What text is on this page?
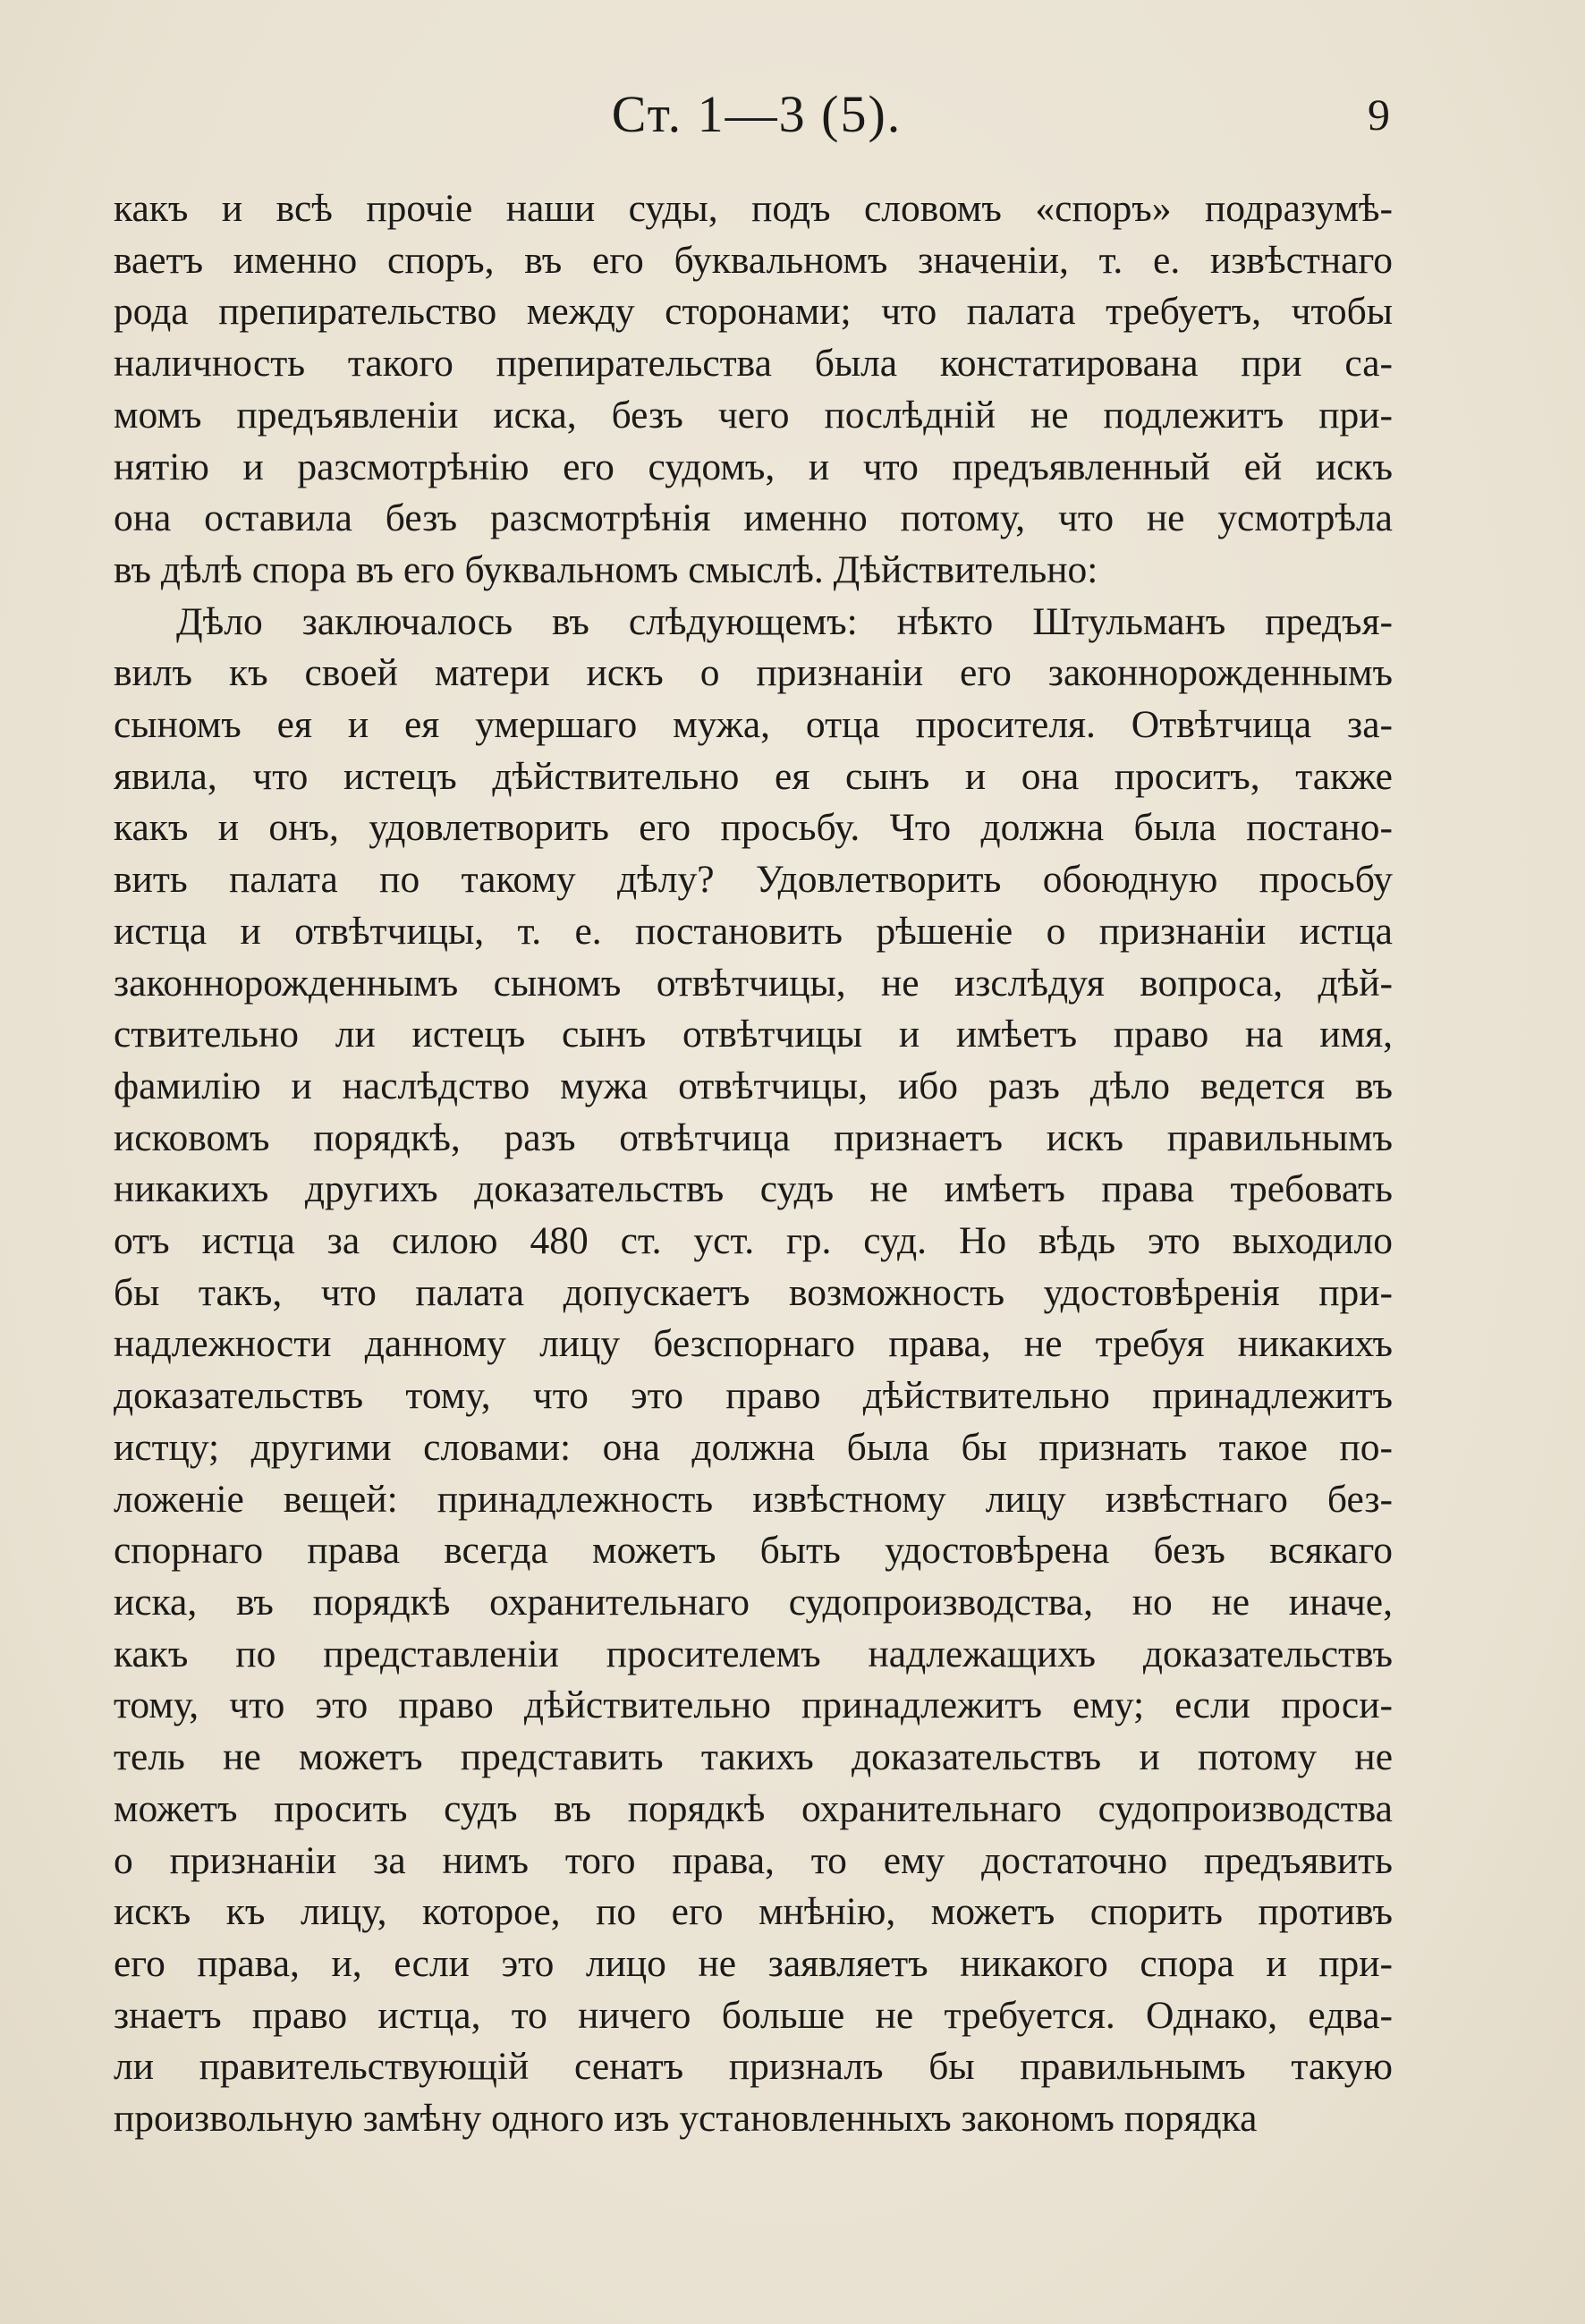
Ст. 1—3 (5).	9
какъ и всѣ прочіе наши суды, подъ словомъ «споръ» подразумѣ-
ваетъ именно споръ, въ его буквальномъ значеніи, т. е. извѣстнаго
рода препирательство между сторонами; что палата требуетъ, чтобы
наличность такого препирательства была констатирована при са-
момъ предъявленіи иска, безъ чего послѣдній не подлежитъ при-
нятію и разсмотрѣнію его судомъ, и что предъявленный ей искъ
она оставила безъ разсмотрѣнія именно потому, что не усмотрѣла
въ дѣлѣ спора въ его буквальномъ смыслѣ. Дѣйствительно:
Дѣло заключалось въ слѣдующемъ: нѣкто Штульманъ предъя-
вилъ къ своей матери искъ о признаніи его законнорожденнымъ
сыномъ ея и ея умершаго мужа, отца просителя. Отвѣтчица за-
явила, что истецъ дѣйствительно ея сынъ и она проситъ, также
какъ и онъ, удовлетворить его просьбу. Что должна была постано-
вить палата по такому дѣлу? Удовлетворить обоюдную просьбу
истца и отвѣтчицы, т. е. постановить рѣшеніе о признаніи истца
законнорожденнымъ сыномъ отвѣтчицы, не изслѣдуя вопроса, дѣй-
ствительно ли истецъ сынъ отвѣтчицы и имѣетъ право на имя,
фамилію и наслѣдство мужа отвѣтчицы, ибо разъ дѣло ведется въ
исковомъ порядкѣ, разъ отвѣтчица признаетъ искъ правильнымъ
никакихъ другихъ доказательствъ судъ не имѣетъ права требовать
отъ истца за силою 480 ст. уст. гр. суд. Но вѣдь это выходило
бы такъ, что палата допускаетъ возможность удостовѣренія при-
надлежности данному лицу безспорнаго права, не требуя никакихъ
доказательствъ тому, что это право дѣйствительно принадлежитъ
истцу; другими словами: она должна была бы признать такое по-
ложеніе вещей: принадлежность извѣстному лицу извѣстнаго без-
спорнаго права всегда можетъ быть удостовѣрена безъ всякаго
иска, въ порядкѣ охранительнаго судопроизводства, но не иначе,
какъ по представленіи просителемъ надлежащихъ доказательствъ
тому, что это право дѣйствительно принадлежитъ ему; если проси-
тель не можетъ представить такихъ доказательствъ и потому не
можетъ просить судъ въ порядкѣ охранительнаго судопроизводства
о признаніи за нимъ того права, то ему достаточно предъявить
искъ къ лицу, которое, по его мнѣнію, можетъ спорить противъ
его права, и, если это лицо не заявляетъ никакого спора и при-
знаетъ право истца, то ничего больше не требуется. Однако, едва-
ли правительствующій сенатъ призналъ бы правильнымъ такую
произвольную замѣну одного изъ установленныхъ закономъ порядка
